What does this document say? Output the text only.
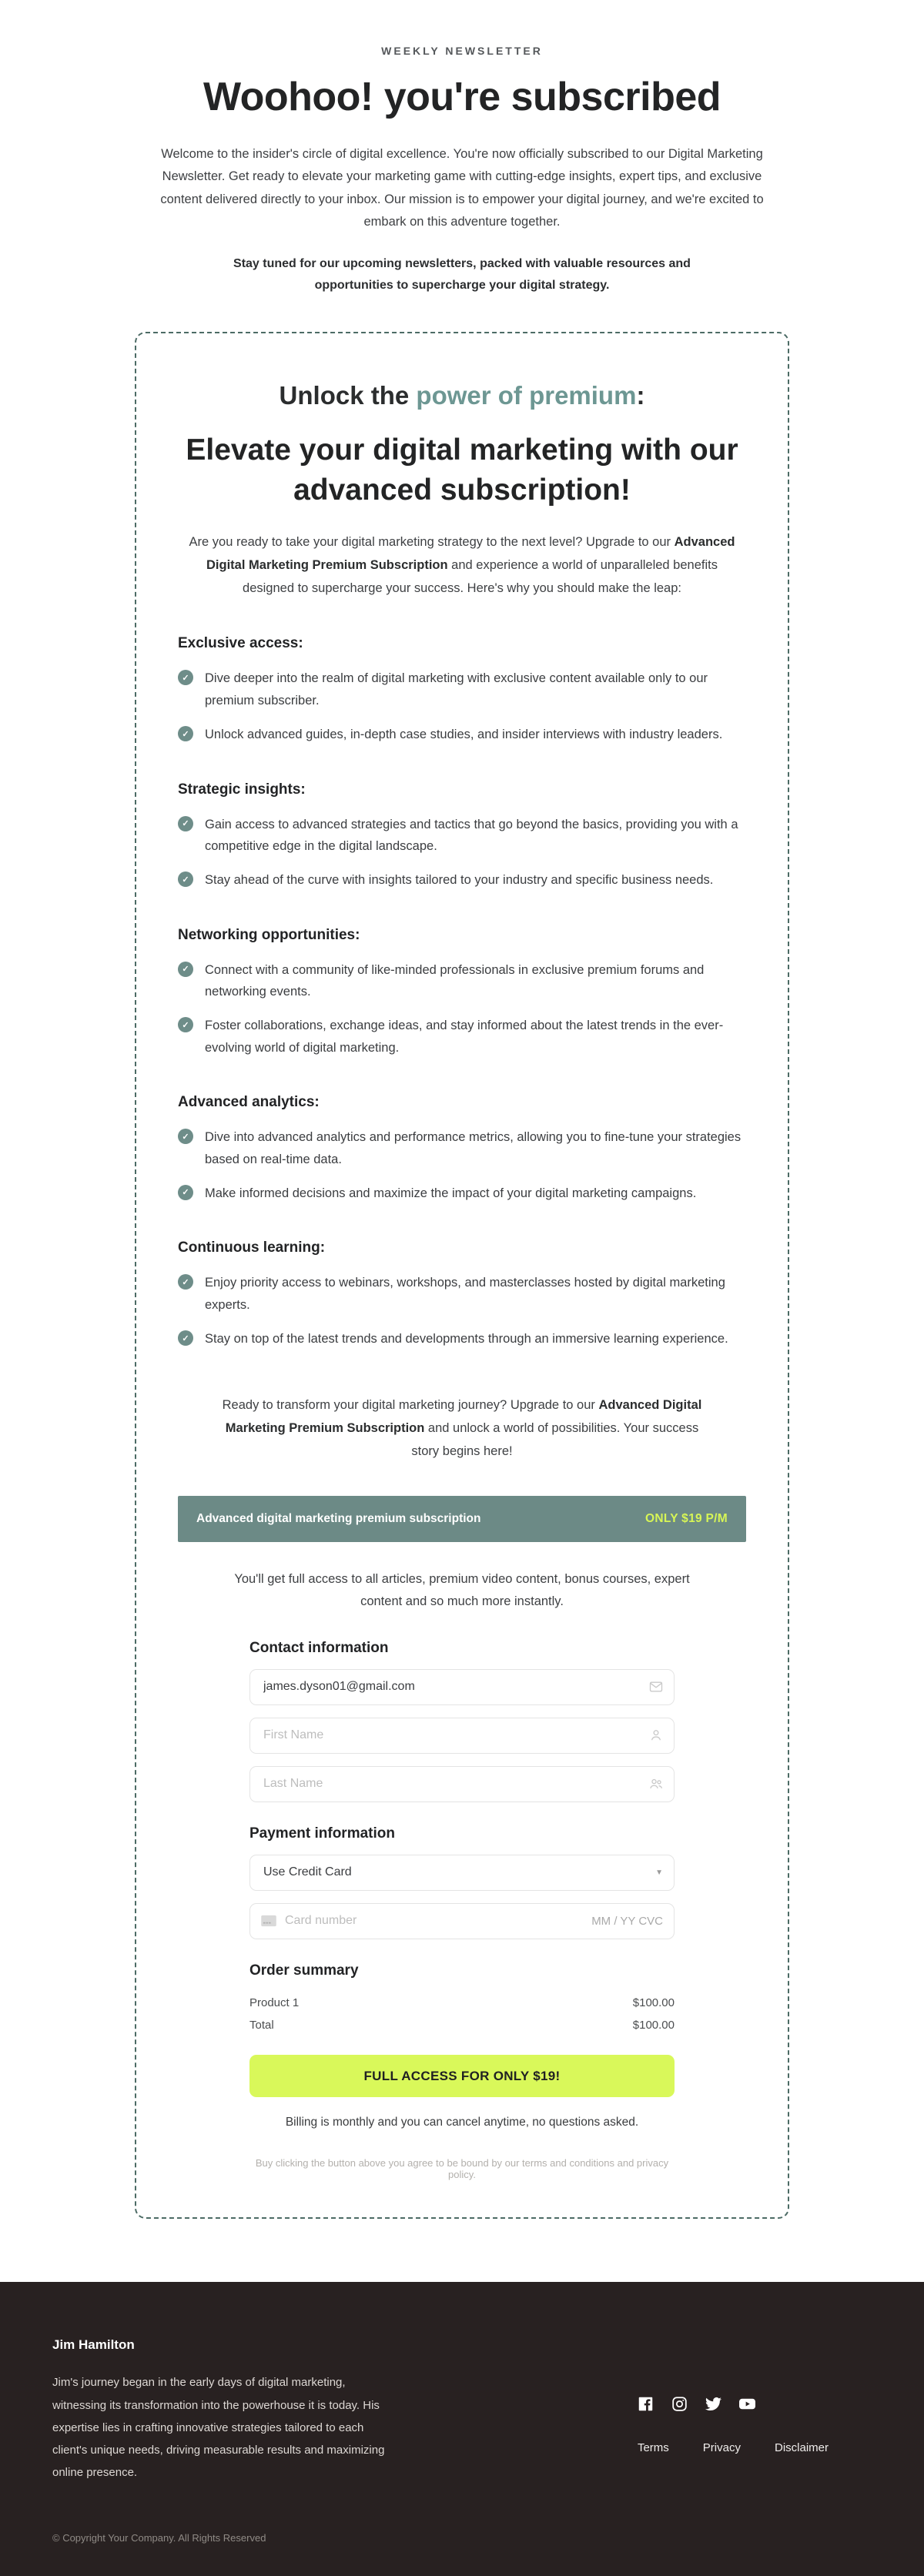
WEEKLY NEWSLETTER
Woohoo! you're subscribed

Welcome to the insider's circle of digital excellence. You're now officially subscribed to our Digital Marketing Newsletter. Get ready to elevate your marketing game with cutting-edge insights, expert tips, and exclusive content delivered directly to your inbox. Our mission is to empower your digital journey, and we're excited to embark on this adventure together.

Stay tuned for our upcoming newsletters, packed with valuable resources and opportunities to supercharge your digital strategy.

Unlock the power of premium:
Elevate your digital marketing with our advanced subscription!

Are you ready to take your digital marketing strategy to the next level? Upgrade to our Advanced Digital Marketing Premium Subscription and experience a world of unparalleled benefits designed to supercharge your success. Here's why you should make the leap:

Exclusive access:
✓	Dive deeper into the realm of digital marketing with exclusive content available only to our premium subscriber.

✓	Unlock advanced guides, in-depth case studies, and insider interviews with industry leaders.

Strategic insights:
✓	Gain access to advanced strategies and tactics that go beyond the basics, providing you with a competitive edge in the digital landscape.

✓	Stay ahead of the curve with insights tailored to your industry and specific business needs.

Networking opportunities:
✓	Connect with a community of like-minded professionals in exclusive premium forums and networking events.

✓	Foster collaborations, exchange ideas, and stay informed about the latest trends in the ever-evolving world of digital marketing.

Advanced analytics:
✓	Dive into advanced analytics and performance metrics, allowing you to fine-tune your strategies based on real-time data.

✓	Make informed decisions and maximize the impact of your digital marketing campaigns.

Continuous learning:
✓	Enjoy priority access to webinars, workshops, and masterclasses hosted by digital marketing experts.

✓	Stay on top of the latest trends and developments through an immersive learning experience.

Ready to transform your digital marketing journey? Upgrade to our Advanced Digital Marketing Premium Subscription and unlock a world of possibilities. Your success story begins here!

Advanced digital marketing premium subscription	ONLY $19 P/M

You'll get full access to all articles, premium video content, bonus courses, expert content and so much more instantly.

Contact information
james.dyson01@gmail.com
First Name
Last Name
Payment information
Use Credit Card	▼
Card number	MM / YY CVC
Order summary
Product 1	$100.00
Total	$100.00
FULL ACCESS FOR ONLY $19!

Billing is monthly and you can cancel anytime, no questions asked.

Buy clicking the button above you agree to be bound by our terms and conditions and privacy policy.

Jim Hamilton

Jim's journey began in the early days of digital marketing, witnessing its transformation into the powerhouse it is today. His expertise lies in crafting innovative strategies tailored to each client's unique needs, driving measurable results and maximizing online presence.

Terms	Privacy	Disclaimer
© Copyright Your Company. All Rights Reserved
